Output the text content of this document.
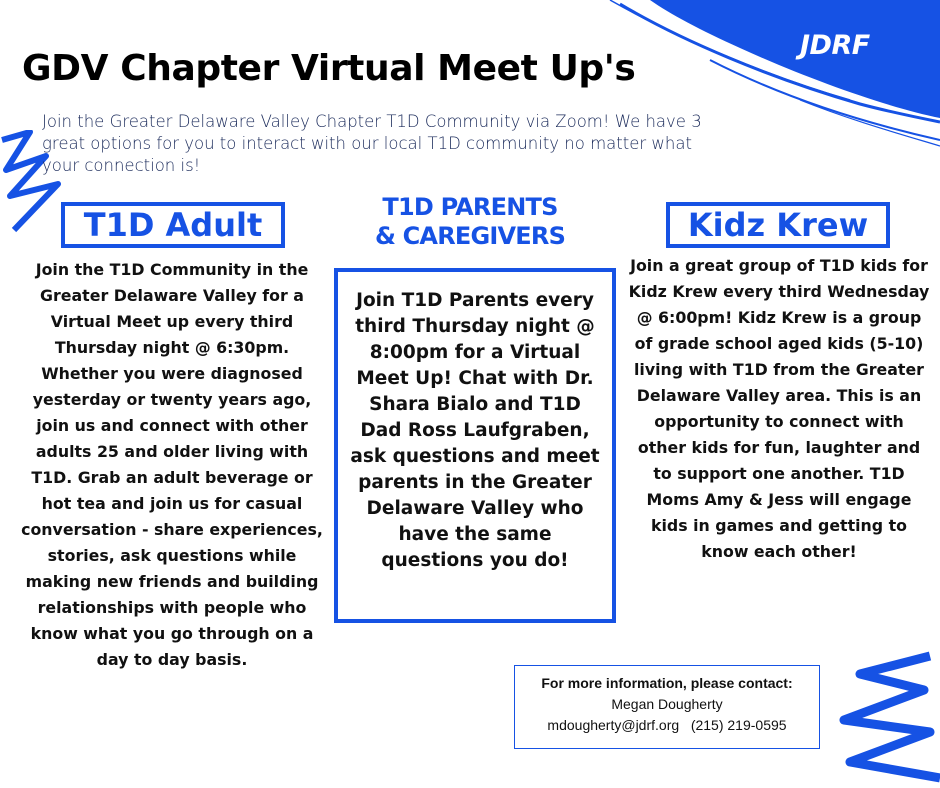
JDRF
GDV Chapter Virtual Meet Up's

Join the Greater Delaware Valley Chapter T1D Community via Zoom! We have 3 great options for you to interact with our local T1D community no matter what your connection is!

T1D Adult

Join the T1D Community in the Greater Delaware Valley for a Virtual Meet up every third Thursday night @ 6:30pm. Whether you were diagnosed yesterday or twenty years ago, join us and connect with other adults 25 and older living with T1D. Grab an adult beverage or hot tea and join us for casual conversation - share experiences, stories, ask questions while making new friends and building relationships with people who know what you go through on a day to day basis.

T1D PARENTS
& CAREGIVERS

Join T1D Parents every third Thursday night @ 8:00pm for a Virtual Meet Up! Chat with Dr. Shara Bialo and T1D Dad Ross Laufgraben, ask questions and meet parents in the Greater Delaware Valley who have the same questions you do!

Kidz Krew

Join a great group of T1D kids for Kidz Krew every third Wednesday @ 6:00pm! Kidz Krew is a group of grade school aged kids (5-10) living with T1D from the Greater Delaware Valley area. This is an opportunity to connect with other kids for fun, laughter and to support one another. T1D Moms Amy & Jess will engage kids in games and getting to know each other!

For more information, please contact:
Megan Dougherty
mdougherty@jdrf.org (215) 219-0595
